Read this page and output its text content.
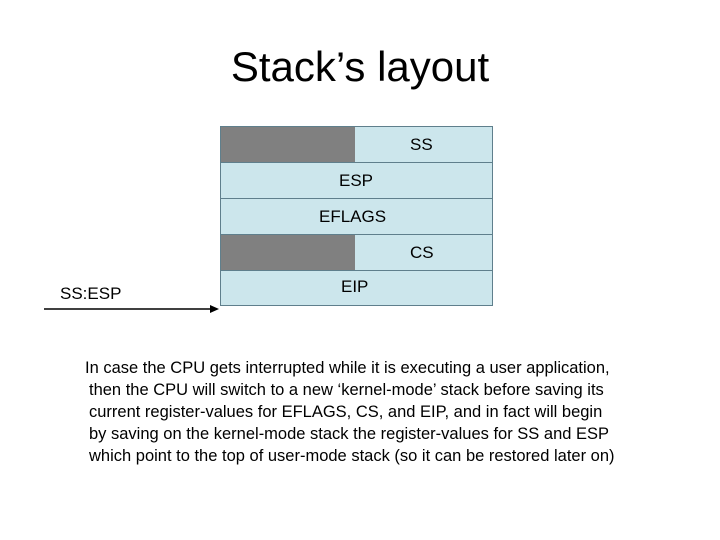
Stack’s layout
SS
ESP
EFLAGS
CS
EIP
SS:ESP
In case the CPU gets interrupted while it is executing a user application,
then the CPU will switch to a new ‘kernel-mode’ stack before saving its
current register-values for EFLAGS, CS, and EIP, and in fact will begin
by saving on the kernel-mode stack the register-values for SS and ESP
which point to the top of user-mode stack (so it can be restored later on)
